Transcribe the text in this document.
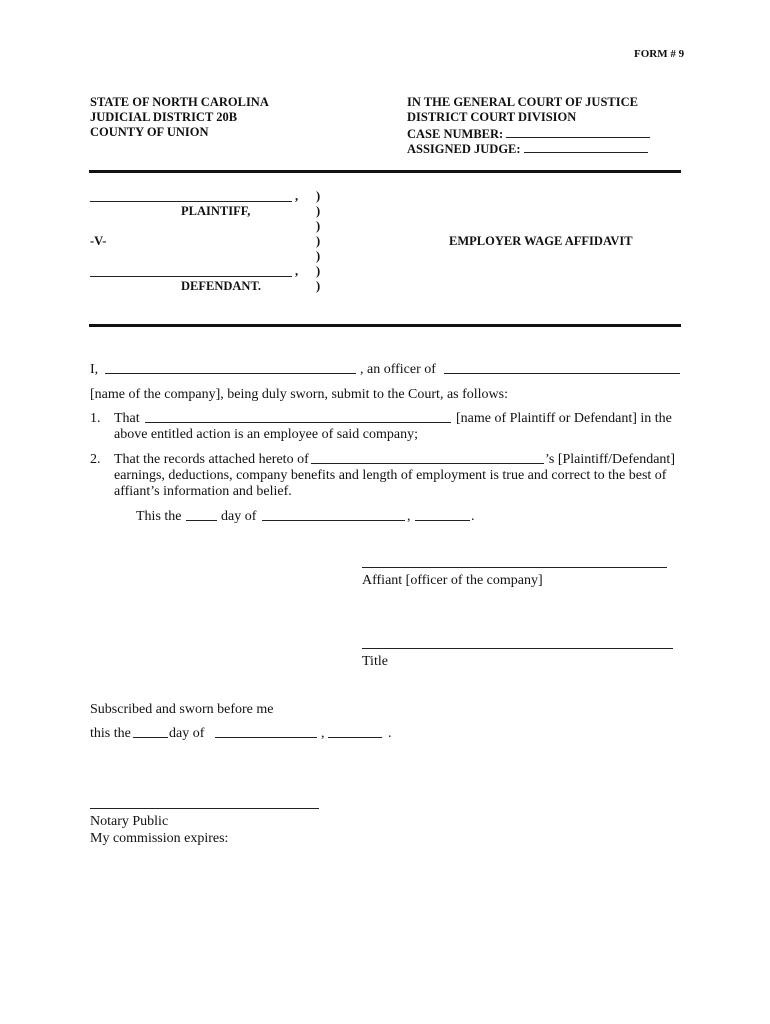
FORM # 9
STATE OF NORTH CAROLINA
JUDICIAL DISTRICT 20B
COUNTY OF UNION
IN THE GENERAL COURT OF JUSTICE
DISTRICT COURT DIVISION
CASE NUMBER:
ASSIGNED JUDGE:
,
PLAINTIFF,
-V-
,
DEFENDANT.
)
)
)
)
)
)
)
EMPLOYER WAGE AFFIDAVIT
I,	, an officer of
[name of the company], being duly sworn, submit to the Court, as follows:
1. That	[name of Plaintiff or Defendant] in the
above entitled action is an employee of said company;
2. That the records attached hereto of	’s [Plaintiff/Defendant]
earnings, deductions, company benefits and length of employment is true and correct to the best of
affiant’s information and belief.
This the	day of	,	.
Affiant [officer of the company]
Title
Subscribed and sworn before me
this the	day of	,	.
Notary Public
My commission expires:
